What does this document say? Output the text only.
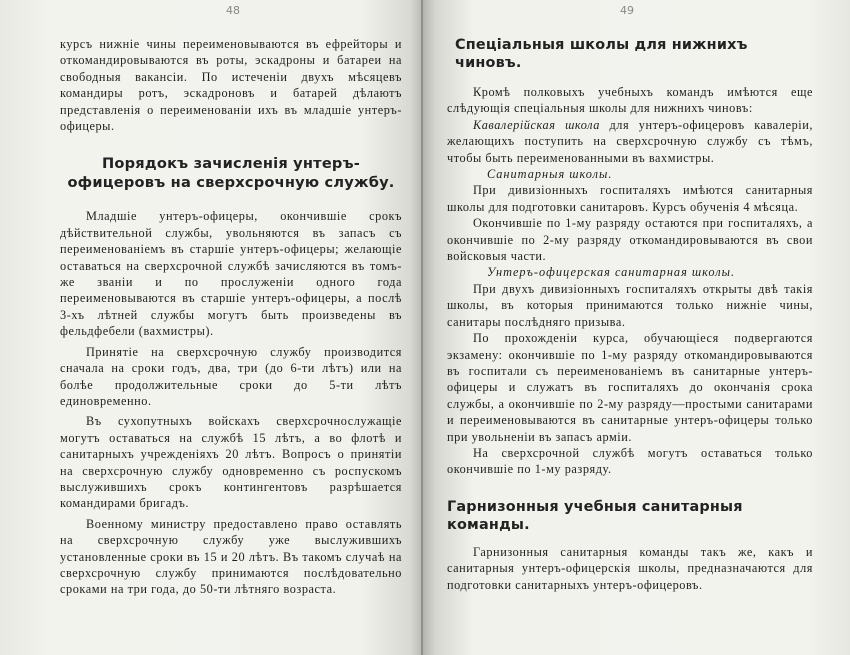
48

курсъ нижніе чины переименовываются въ ефрейторы и откомандировываются въ роты, эскадроны и батареи на свободныя вакансіи. По истеченіи двухъ мѣсяцевъ командиры ротъ, эскадроновъ и батарей дѣлаютъ представленія о переименованіи ихъ въ младшіе унтеръ-офицеры.

Порядокъ зачисленія унтеръ-офицеровъ на сверхсрочную службу.

Младшіе унтеръ-офицеры, окончившіе срокъ дѣйствительной службы, увольняются въ запасъ съ переименованіемъ въ старшіе унтеръ-офицеры; желающіе оставаться на сверхсрочной службѣ зачисляются въ томъ-же званіи и по прослуженіи одного года переименовываются въ старшіе унтеръ-офицеры, а послѣ 3-хъ лѣтней службы могутъ быть произведены въ фельдфебели (вахмистры).

Принятіе на сверхсрочную службу производится сначала на сроки годъ, два, три (до 6-ти лѣтъ) или на болѣе продолжительные сроки до 5-ти лѣтъ единовременно.

Въ сухопутныхъ войскахъ сверхсрочнослужащіе могутъ оставаться на службѣ 15 лѣтъ, а во флотѣ и санитарныхъ учрежденіяхъ 20 лѣтъ. Вопросъ о принятіи на сверхсрочную службу одновременно съ роспускомъ выслужившихъ срокъ контингентовъ разрѣшается командирами бригадъ.

Военному министру предоставлено право оставлять на сверхсрочную службу уже выслужившихъ установленные сроки въ 15 и 20 лѣтъ. Въ такомъ случаѣ на сверхсрочную службу принимаются послѣдовательно сроками на три года, до 50-ти лѣтняго возраста.

49
Спеціальныя школы для нижнихъ чиновъ.

Кромѣ полковыхъ учебныхъ командъ имѣются еще слѣдующія спеціальныя школы для нижнихъ чиновъ:

Кавалерійская школа для унтеръ-офицеровъ кавалеріи, желающихъ поступить на сверхсрочную службу съ тѣмъ, чтобы быть переименованными въ вахмистры.

Санитарныя школы.

При дивизіонныхъ госпиталяхъ имѣются санитарныя школы для подготовки санитаровъ. Курсъ обученія 4 мѣсяца.

Окончившіе по 1-му разряду остаются при госпиталяхъ, а окончившіе по 2-му разряду откомандировываются въ свои войсковыя части.

Унтеръ-офицерская санитарная школы.

При двухъ дивизіонныхъ госпиталяхъ открыты двѣ такія школы, въ которыя принимаются только нижніе чины, санитары послѣдняго призыва.

По прохожденіи курса, обучающіеся подвергаются экзамену: окончившіе по 1-му разряду откомандировываются въ госпитали съ переименованіемъ въ санитарные унтеръ-офицеры и служатъ въ госпиталяхъ до окончанія срока службы, а окончившіе по 2-му разряду—простыми санитарами и переименовываются въ санитарные унтеръ-офицеры только при увольненіи въ запасъ арміи.

На сверхсрочной службѣ могутъ оставаться только окончившіе по 1-му разряду.

Гарнизонныя учебныя санитарныя команды.

Гарнизонныя санитарныя команды такъ же, какъ и санитарныя унтеръ-офицерскія школы, предназначаются для подготовки санитарныхъ унтеръ-офицеровъ.
